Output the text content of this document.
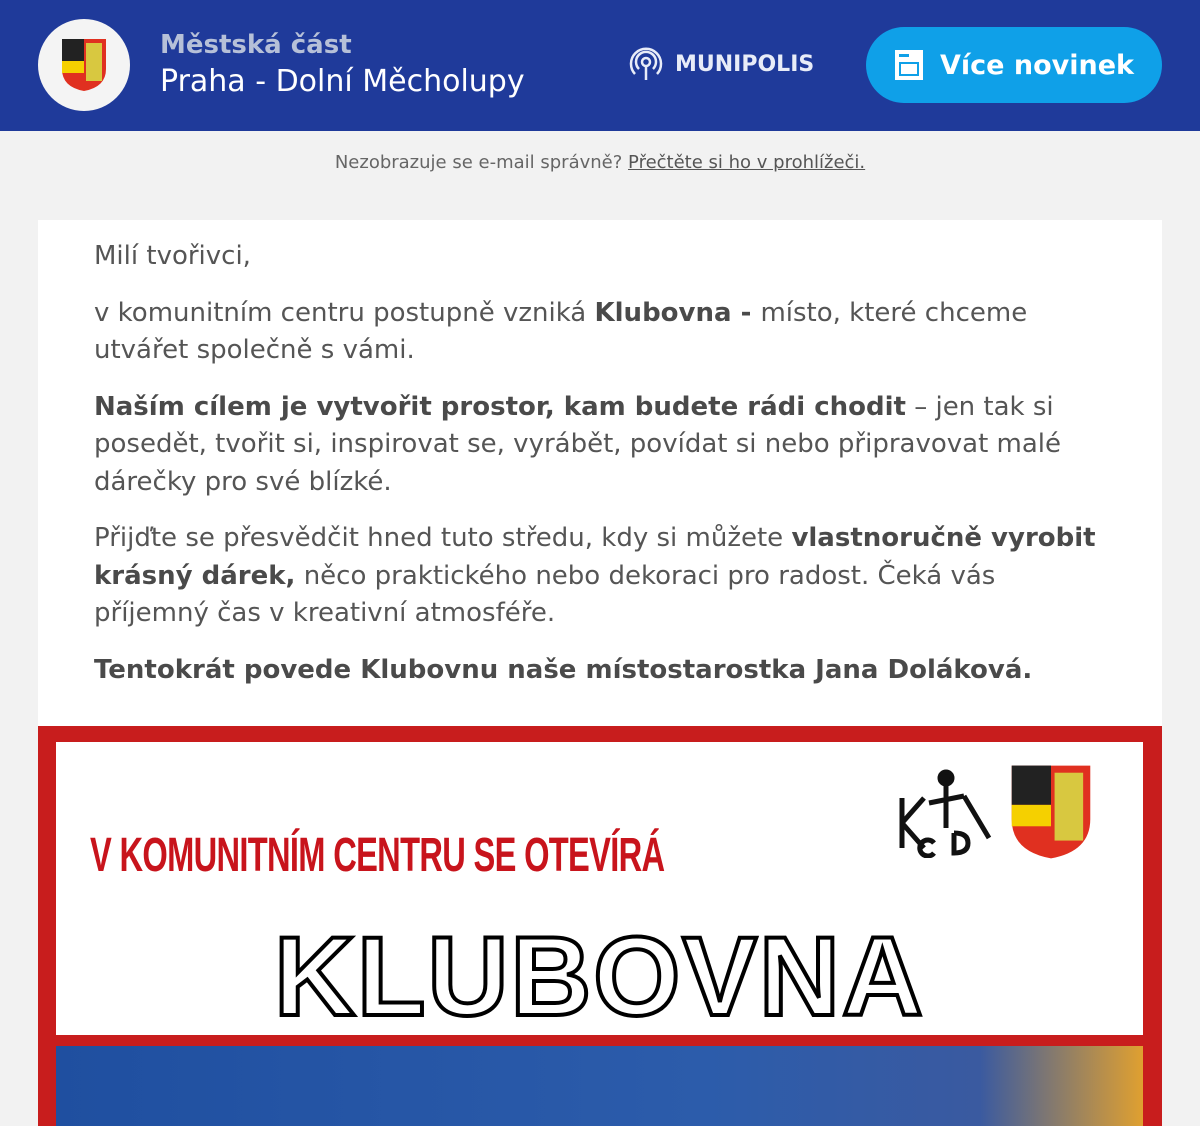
Městská část
Praha - Dolní Měcholupy	MUNIPOLIS	Více novinek
Nezobrazuje se e-mail správně? Přečtěte si ho v prohlížeči.

Milí tvořivci,

v komunitním centru postupně vzniká Klubovna - místo, které chceme utvářet společně s vámi.

Naším cílem je vytvořit prostor, kam budete rádi chodit – jen tak si posedět, tvořit si, inspirovat se, vyrábět, povídat si nebo připravovat malé dárečky pro své blízké.

Přijďte se přesvědčit hned tuto středu, kdy si můžete vlastnoručně vyrobit krásný dárek, něco praktického nebo dekoraci pro radost. Čeká vás příjemný čas v kreativní atmosféře.

Tentokrát povede Klubovnu naše místostarostka Jana Doláková.

V KOMUNITNÍM CENTRU SE OTEVÍRÁ
KLUBOVNA
